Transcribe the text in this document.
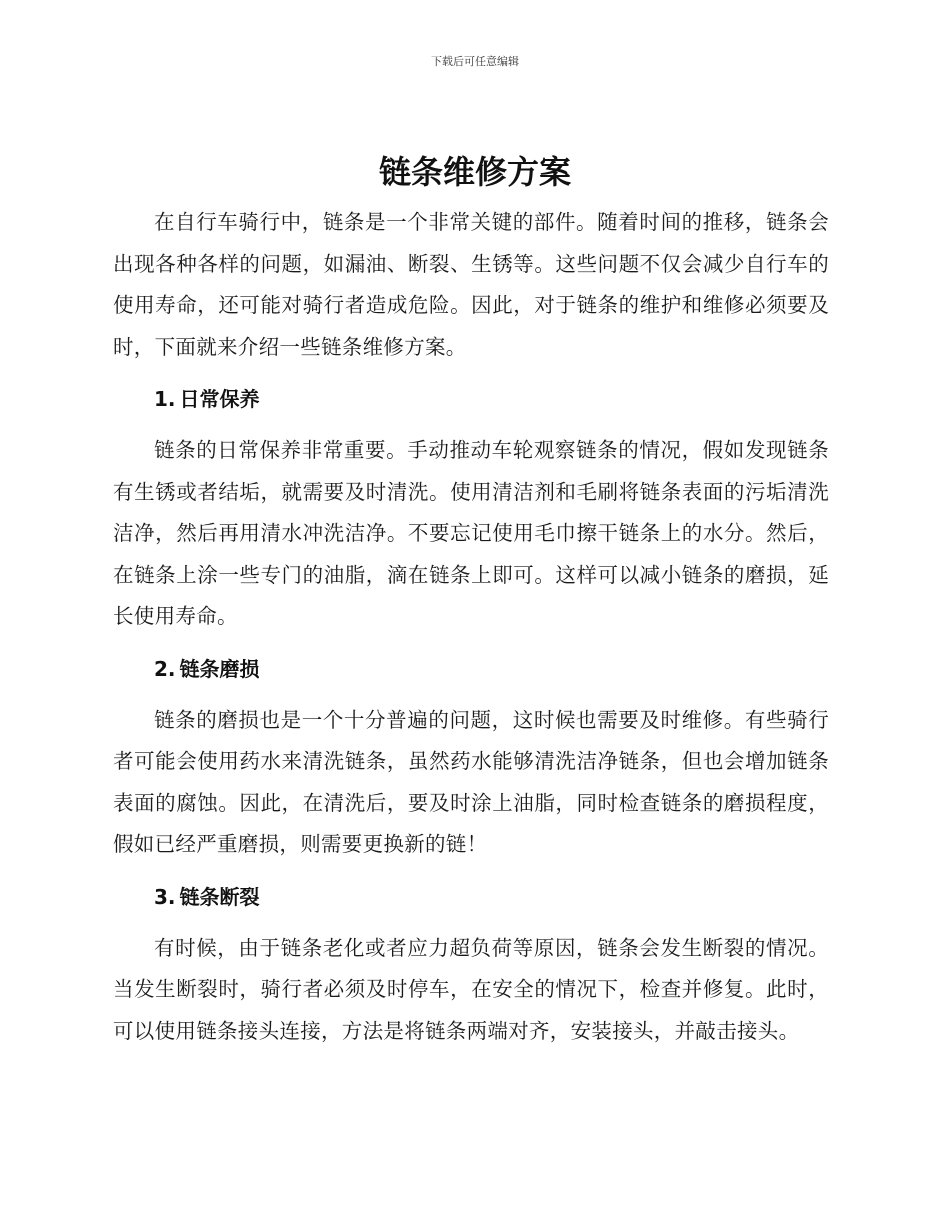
下载后可任意编辑
链条维修方案

在自行车骑行中，链条是一个非常关键的部件。随着时间的推移，链条会出现各种各样的问题，如漏油、断裂、生锈等。这些问题不仅会减少自行车的使用寿命，还可能对骑行者造成危险。因此，对于链条的维护和维修必须要及时，下面就来介绍一些链条维修方案。

1. 日常保养

链条的日常保养非常重要。手动推动车轮观察链条的情况，假如发现链条有生锈或者结垢，就需要及时清洗。使用清洁剂和毛刷将链条表面的污垢清洗洁净，然后再用清水冲洗洁净。不要忘记使用毛巾擦干链条上的水分。然后，在链条上涂一些专门的油脂，滴在链条上即可。这样可以减小链条的磨损，延长使用寿命。

2. 链条磨损

链条的磨损也是一个十分普遍的问题，这时候也需要及时维修。有些骑行者可能会使用药水来清洗链条，虽然药水能够清洗洁净链条，但也会增加链条表面的腐蚀。因此，在清洗后，要及时涂上油脂，同时检查链条的磨损程度，假如已经严重磨损，则需要更换新的链！

3. 链条断裂

有时候，由于链条老化或者应力超负荷等原因，链条会发生断裂的情况。当发生断裂时，骑行者必须及时停车，在安全的情况下，检查并修复。此时，可以使用链条接头连接，方法是将链条两端对齐，安装接头，并敲击接头。
